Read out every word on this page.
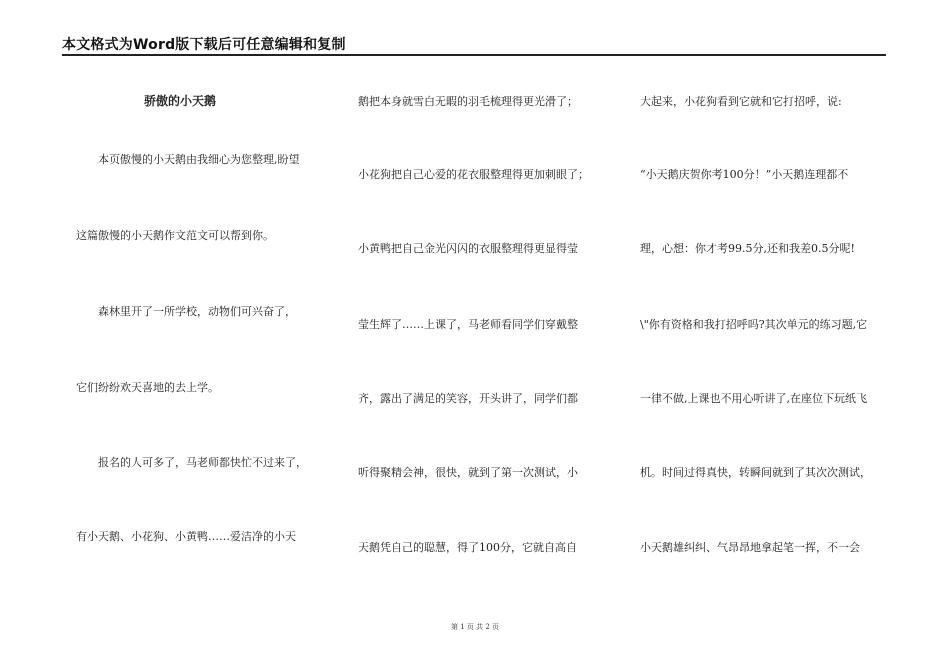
本文格式为Word版下载后可任意编辑和复制
骄傲的小天鹅
本页傲慢的小天鹅由我细心为您整理,盼望
这篇傲慢的小天鹅作文范文可以帮到你。
森林里开了一所学校，动物们可兴奋了，
它们纷纷欢天喜地的去上学。
报名的人可多了，马老师都快忙不过来了，
有小天鹅、小花狗、小黄鸭……爱洁净的小天
鹅把本身就雪白无暇的羽毛梳理得更光滑了；
小花狗把自己心爱的花衣服整理得更加刺眼了；
小黄鸭把自己金光闪闪的衣服整理得更显得莹
莹生辉了……上课了，马老师看同学们穿戴整
齐，露出了满足的笑容，开头讲了，同学们都
听得聚精会神，很快，就到了第一次测试，小
天鹅凭自己的聪慧，得了100分，它就自高自
大起来，小花狗看到它就和它打招呼，说:
“小天鹅庆贺你考100分！”小天鹅连理都不
理，心想：你才考99.5分,还和我差0.5分呢!
\"你有资格和我打招呼吗?其次单元的练习题,它
一律不做,上课也不用心听讲了,在座位下玩纸飞
机。时间过得真快，转瞬间就到了其次次测试，
小天鹅雄纠纠、气昂昂地拿起笔一挥，不一会
第 1 页 共 2 页
